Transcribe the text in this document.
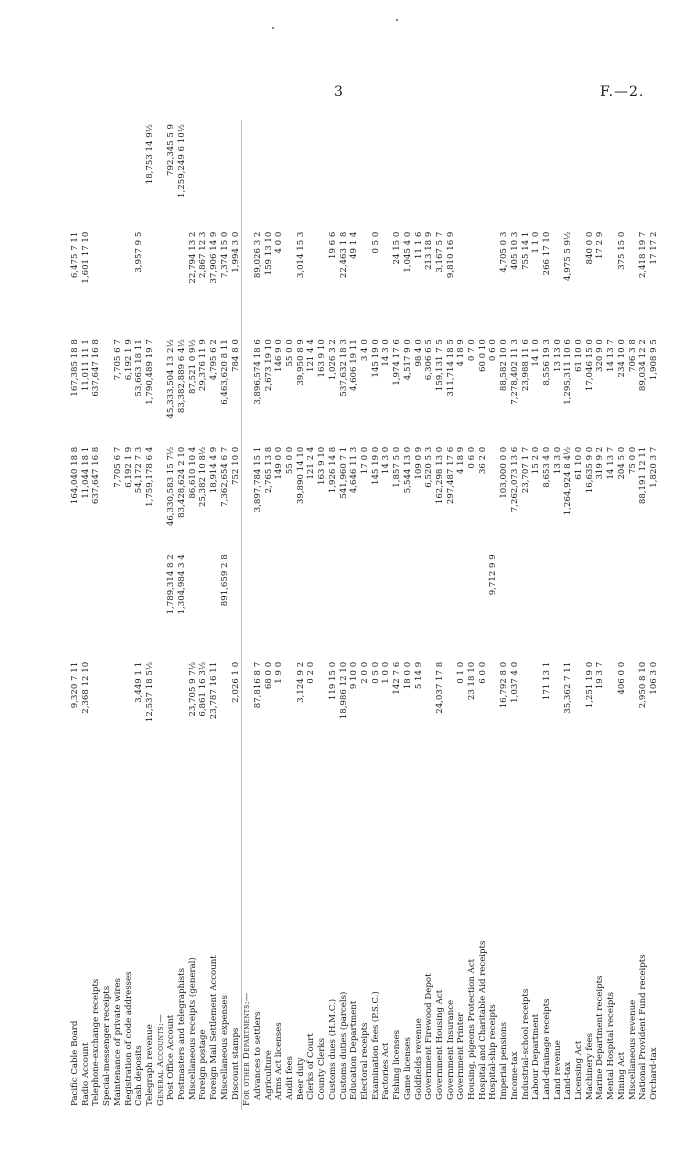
3	F.—2.
Pacific Cable Board	9,320 7 11		164,040 18 8	167,385 18 8	6,475 7 11	
Radio Account	2,368 12 10		11,044 18 1	11,011 11 1	1,601 17 10	
Telephone-exchange receipts			637,647 16 8	637,647 16 8		
Special-messenger receipts						
Maintenance of private wires			7,705 6 7	7,705 6 7		
Registration of code addresses			6,192 1 9	6,192 1 9		
Cash deposits	3,449 1 1		54,172 7 3	53,663 18 11	3,957 9 5	
Telegraph revenue	12,537 18 5½		1,759,178 6 4	1,790,489 19 7		18,753 14 9½
General Accounts:—						
Post Office Account		1,789,314 8 2	46,330,583 15 7½	45,333,504 13 2½		792,345 5 9
Postmasters and telegraphists		1,304,984 3 4	83,428,624 2 10	83,382,889 6 4½		1,259,249 6 10½
Miscellaneous receipts (general)	23,705 9 7½		86,610 10 4	87,521 0 9½	22,794 13 2	
Foreign postage	6,861 16 3½		25,382 10 8½	29,376 11 9	2,867 12 3	
Foreign Mail Settlement Account	23,787 16 11		18,914 4 9	4,795 6 2	37,906 14 9	
Miscellaneous expenses		891,659 2 8	7,362,654 6 7	6,463,620 8 11	7,374 15 0	
Discount stamps	2,026 1 0		752 10 0	784 8 0	1,994 3 0	
For other Departments:—						
Advances to settlers	87,816 8 7		3,897,784 15 1	3,896,574 18 6	89,026 3 2	
Agriculture	68 0 0		2,765 13 8	2,673 19 10	159 13 10	
Arms Act licenses	1 9 0		149 0 0	146 9 0	4 0 0	
Audit fees			55 0 0	55 0 0		
Beer duty	3,124 9 2		39,890 14 10	39,950 8 9	3,014 15 3	
Clerks of Court	0 2 0		121 2 4	121 4 4		
County Clerks			163 9 10	163 9 10		
Customs dues (H.M.C.)	119 15 0		1,926 14 8	1,026 3 2	19 6 6	
Customs duties (parcels)	18,986 12 10		541,960 7 1	537,632 18 3	22,463 1 8	
Education Department	9 10 0		4,646 11 3	4,606 19 11	49 1 4	
Electoral receipts	2 0 0		17 0 0	3 4 0		
Examination fees (P.S.C.)	0 5 0		145 19 0	145 19 0	0 5 0	
Factories Act	1 0 0		14 3 0	14 3 0		
Fishing licenses	142 7 6		1,857 5 0	1,974 17 6	24 15 0	
Game licenses	18 0 0		5,544 13 0	4,517 9 0	1,045 4 0	
Goldfields revenue	5 14 9		109 0 9	98 4 0	11 1 6	
Government Firewood Depot			6,520 5 3	6,306 6 5	213 18 9	
Government Housing Act	24,037 17 8		162,298 13 0	159,131 7 5	3,167 5 7	
Government Insurance			297,487 17 6	311,714 18 5	9,810 16 9	
Government Printer	0 1 0		4 18 9	4 18 9		
Housing, pigeons Protection Act	23 18 10		0 6 0	0 7 0		
Hospital and Charitable Aid receipts	6 0 0		36 2 0	60 0 10		
Hospital-ship receipts		9,712 9 9		0 6 0		
Imperial pensions	16,792 8 0		103,000 0 0	88,582 10 0	4,705 0 3	
Income-tax	1,037 4 0		7,262,073 13 6	7,278,402 11 3	405 10 3	
Industrial-school receipts			23,707 1 7	23,988 11 6	755 14 1	
Labour Department			15 2 0	14 1 0	1 1 0	
Land-drainage receipts	171 13 1		8,653 4 0	8,556 19 3	266 17 10	
Land revenue			13 3 0	13 13 0		
Land-tax	35,362 7 11		1,264,924 8 4½	1,295,311 10 6	4,975 5 9½	
Licensing Act			61 10 0	61 10 0		
Machinery fees	1,251 19 0		16,635 9 0	17,046 15 0	840 0 0	
Marine Department receipts	19 3 7		319 9 2	320 9 0	17 2 9	
Mental Hospital receipts			14 13 7	14 13 7		
Mining Act	406 0 0		204 5 0	234 10 0	375 15 0	
Miscellaneous revenue			75 0 0	706 3 8		
National Provident Fund receipts	2,950 8 10		88,191 12 11	89,034 12 2	2,418 19 7	
Orchard-tax	106 3 0		1,820 3 7	1,908 9 5	17 17 2	
